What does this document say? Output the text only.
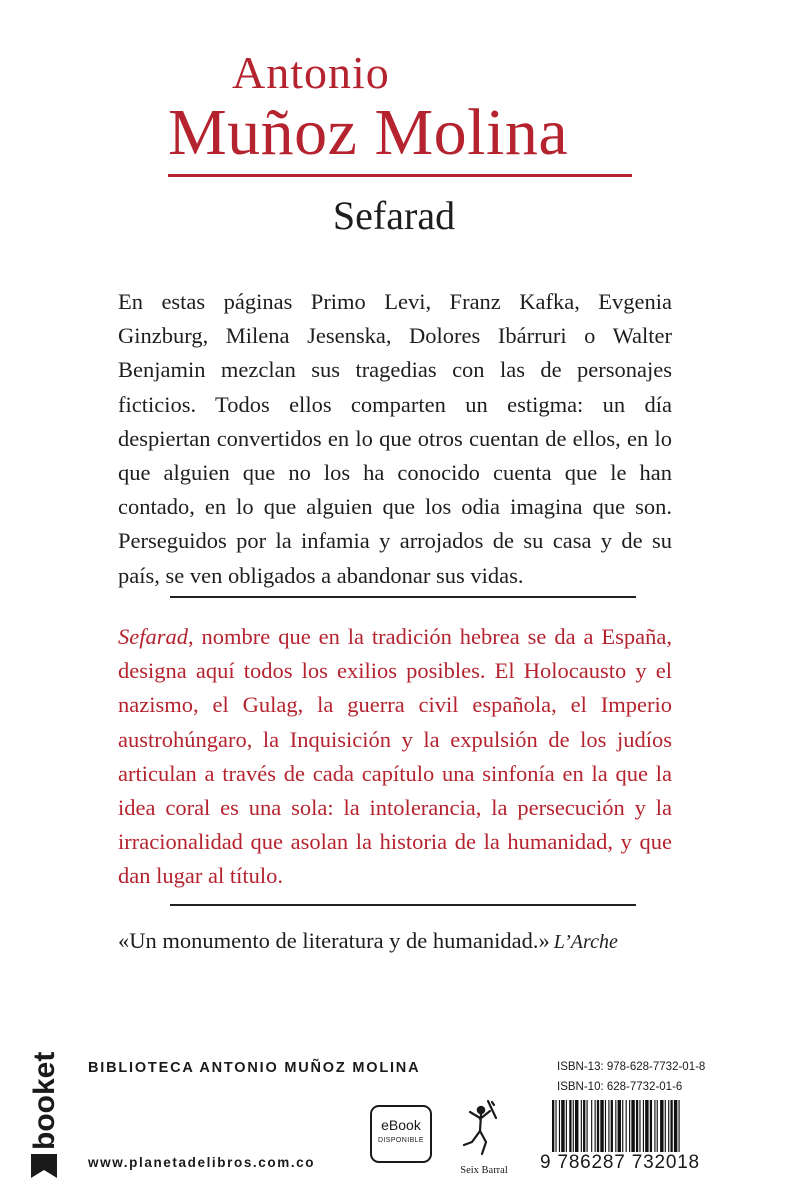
Antonio
Muñoz Molina
Sefarad
En estas páginas Primo Levi, Franz Kafka, Evgenia Ginzburg, Milena Jesenska, Dolores Ibárruri o Walter Benjamin mezclan sus tragedias con las de personajes ficticios. Todos ellos comparten un estigma: un día despiertan convertidos en lo que otros cuentan de ellos, en lo que alguien que no los ha conocido cuenta que le han contado, en lo que alguien que los odia imagina que son. Perseguidos por la infamia y arrojados de su casa y de su país, se ven obligados a abandonar sus vidas.
Sefarad, nombre que en la tradición hebrea se da a España, designa aquí todos los exilios posibles. El Holocausto y el nazismo, el Gulag, la guerra civil española, el Imperio austrohúngaro, la Inquisición y la expulsión de los judíos articulan a través de cada capítulo una sinfonía en la que la idea coral es una sola: la intolerancia, la persecución y la irracionalidad que asolan la historia de la humanidad, y que dan lugar al título.
«Un monumento de literatura y de humanidad.» L’Arche
booket BIBLIOTECA ANTONIO MUÑOZ MOLINA
www.planetadelibros.com.co
eBook
DISPONIBLE
Seix Barral
ISBN-13: 978-628-7732-01-8
ISBN-10: 628-7732-01-6
9 786287 732018
